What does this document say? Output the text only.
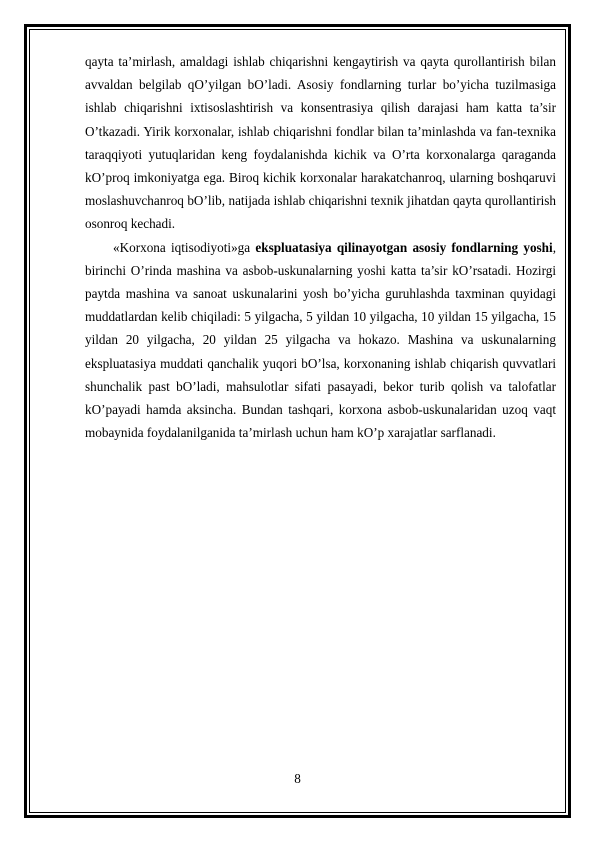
qayta ta’mirlash, amaldagi ishlab chiqarishni kengaytirish va qayta qurollantirish bilan avvaldan belgilab qO’yilgan bO’ladi. Asosiy fondlarning turlar bo’yicha tuzilmasiga ishlab chiqarishni ixtisoslashtirish va konsentrasiya qilish darajasi ham katta ta’sir O’tkazadi. Yirik korxonalar, ishlab chiqarishni fondlar bilan ta’minlashda va fan-texnika taraqqiyoti yutuqlaridan keng foydalanishda kichik va O’rta korxonalarga qaraganda kO’proq imkoniyatga ega. Biroq kichik korxonalar harakatchanroq, ularning boshqaruvi moslashuvchanroq bO’lib, natijada ishlab chiqarishni texnik jihatdan qayta qurollantirish osonroq kechadi.

«Korxona iqtisodiyoti»ga ekspluatasiya qilinayotgan asosiy fondlarning yoshi, birinchi O’rinda mashina va asbob-uskunalarning yoshi katta ta’sir kO’rsatadi. Hozirgi paytda mashina va sanoat uskunalarini yosh bo’yicha guruhlashda taxminan quyidagi muddatlardan kelib chiqiladi: 5 yilgacha, 5 yildan 10 yilgacha, 10 yildan 15 yilgacha, 15 yildan 20 yilgacha, 20 yildan 25 yilgacha va hokazo. Mashina va uskunalarning ekspluatasiya muddati qanchalik yuqori bO’lsa, korxonaning ishlab chiqarish quvvatlari shunchalik past bO’ladi, mahsulotlar sifati pasayadi, bekor turib qolish va talofatlar kO’payadi hamda aksincha. Bundan tashqari, korxona asbob-uskunalaridan uzoq vaqt mobaynida foydalanilganida ta’mirlash uchun ham kO’p xarajatlar sarflanadi.

8
